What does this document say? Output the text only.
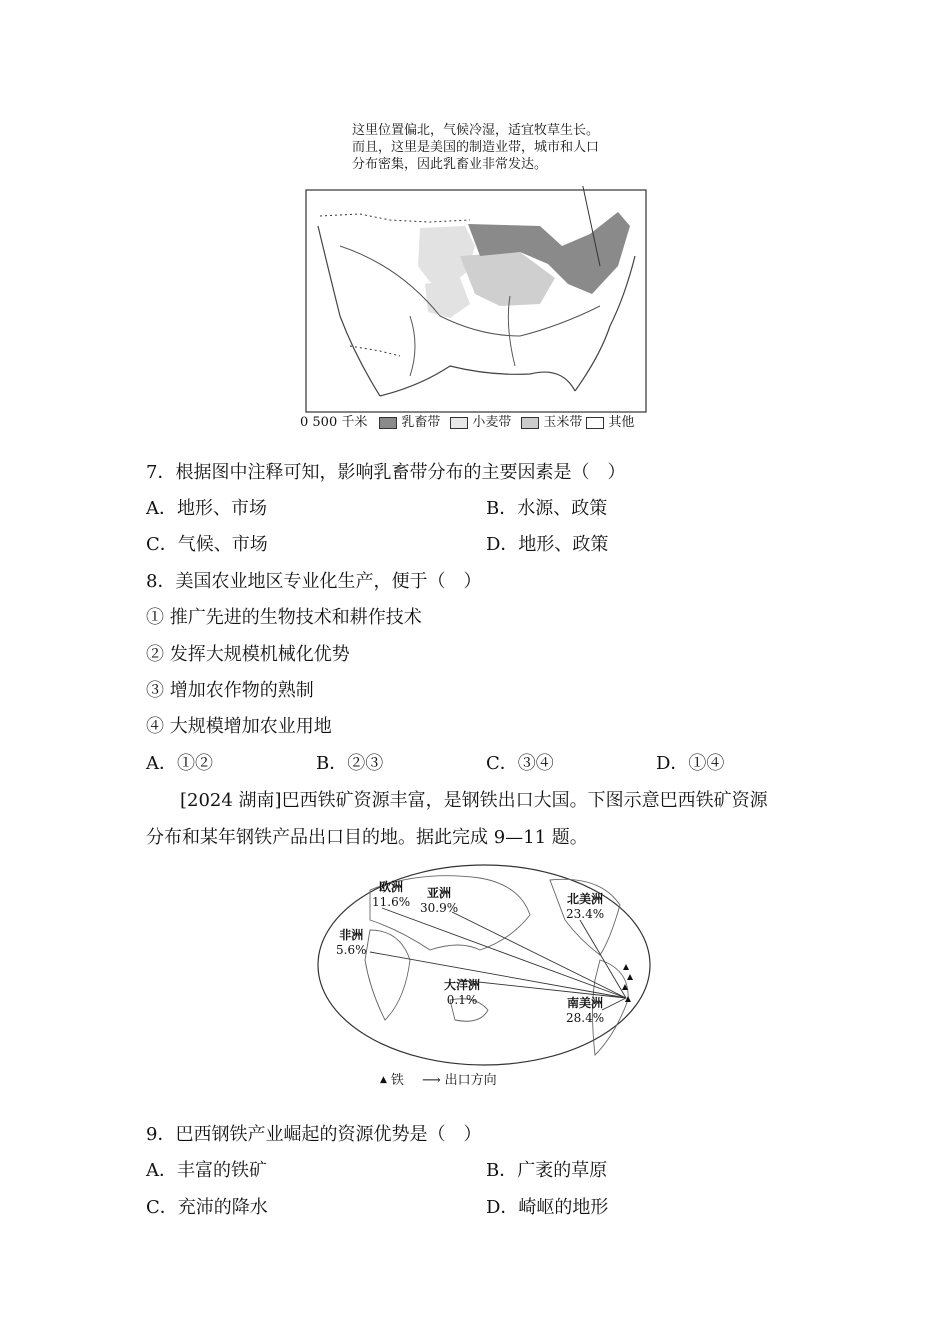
这里位置偏北，气候冷湿，适宜牧草生长。
而且，这里是美国的制造业带，城市和人口
分布密集，因此乳畜业非常发达。
0 500 千米	乳畜带 小麦带 玉米带 其他
7．根据图中注释可知，影响乳畜带分布的主要因素是（　）
A．地形、市场	B．水源、政策
C．气候、市场	D．地形、政策
8．美国农业地区专业化生产，便于（　）
① 推广先进的生物技术和耕作技术
② 发挥大规模机械化优势
③ 增加农作物的熟制
④ 大规模增加农业用地
A．①②	B．②③	C．③④	D．①④
[2024 湖南]巴西铁矿资源丰富，是钢铁出口大国。下图示意巴西铁矿资源
分布和某年钢铁产品出口目的地。据此完成 9—11 题。
欧洲
11.6%
亚洲
30.9%
北美洲
23.4%
非洲
5.6%
大洋洲
0.1%	南美洲
28.4%
▲ 铁 ⟶ 出口方向
9．巴西钢铁产业崛起的资源优势是（　）
A．丰富的铁矿	B．广袤的草原
C．充沛的降水	D．崎岖的地形
